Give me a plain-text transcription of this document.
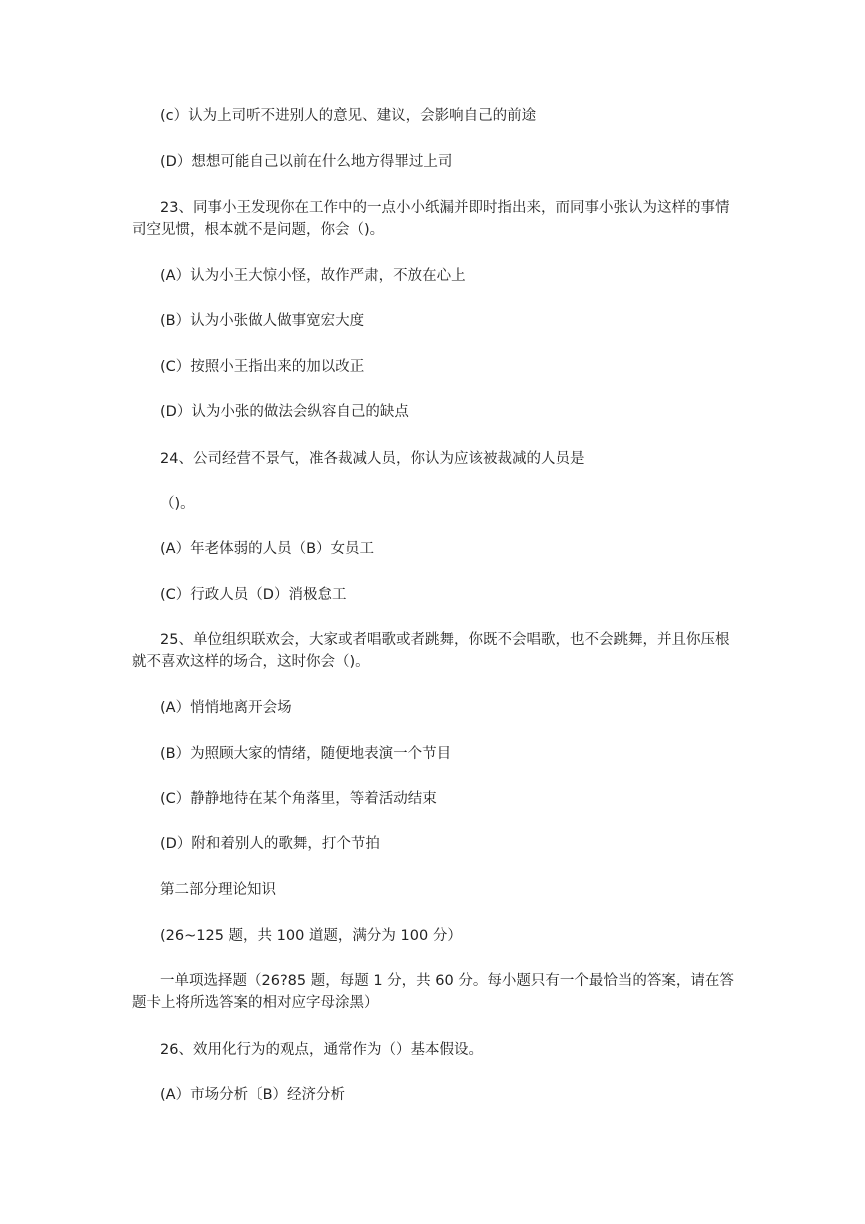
(c）认为上司听不进别人的意见、建议，会影响自己的前途
(D）想想可能自己以前在什么地方得罪过上司
23、同事小王发现你在工作中的一点小小纸漏并即时指出来，而同事小张认为这样的事情司空见惯，根本就不是问题，你会（)。
(A）认为小王大惊小怪，故作严肃，不放在心上
(B）认为小张做人做事宽宏大度
(C）按照小王指出来的加以改正
(D）认为小张的做法会纵容自己的缺点
24、公司经营不景气，准各裁减人员，你认为应该被裁减的人员是
（)。
(A）年老体弱的人员（B）女员工
(C）行政人员（D）消极怠工
25、单位组织联欢会，大家或者唱歌或者跳舞，你既不会唱歌，也不会跳舞，并且你压根就不喜欢这样的场合，这时你会（)。
(A）悄悄地离开会场
(B）为照顾大家的情绪，随便地表演一个节目
(C）静静地待在某个角落里，等着活动结束
(D）附和着别人的歌舞，打个节拍
第二部分理论知识
(26~125 题，共 100 道题，满分为 100 分）
一单项选择题（26?85 题，每题 1 分，共 60 分。每小题只有一个最恰当的答案，请在答题卡上将所选答案的相对应字母涂黑）
26、效用化行为的观点，通常作为（）基本假设。
(A）市场分析〔B）经济分析
